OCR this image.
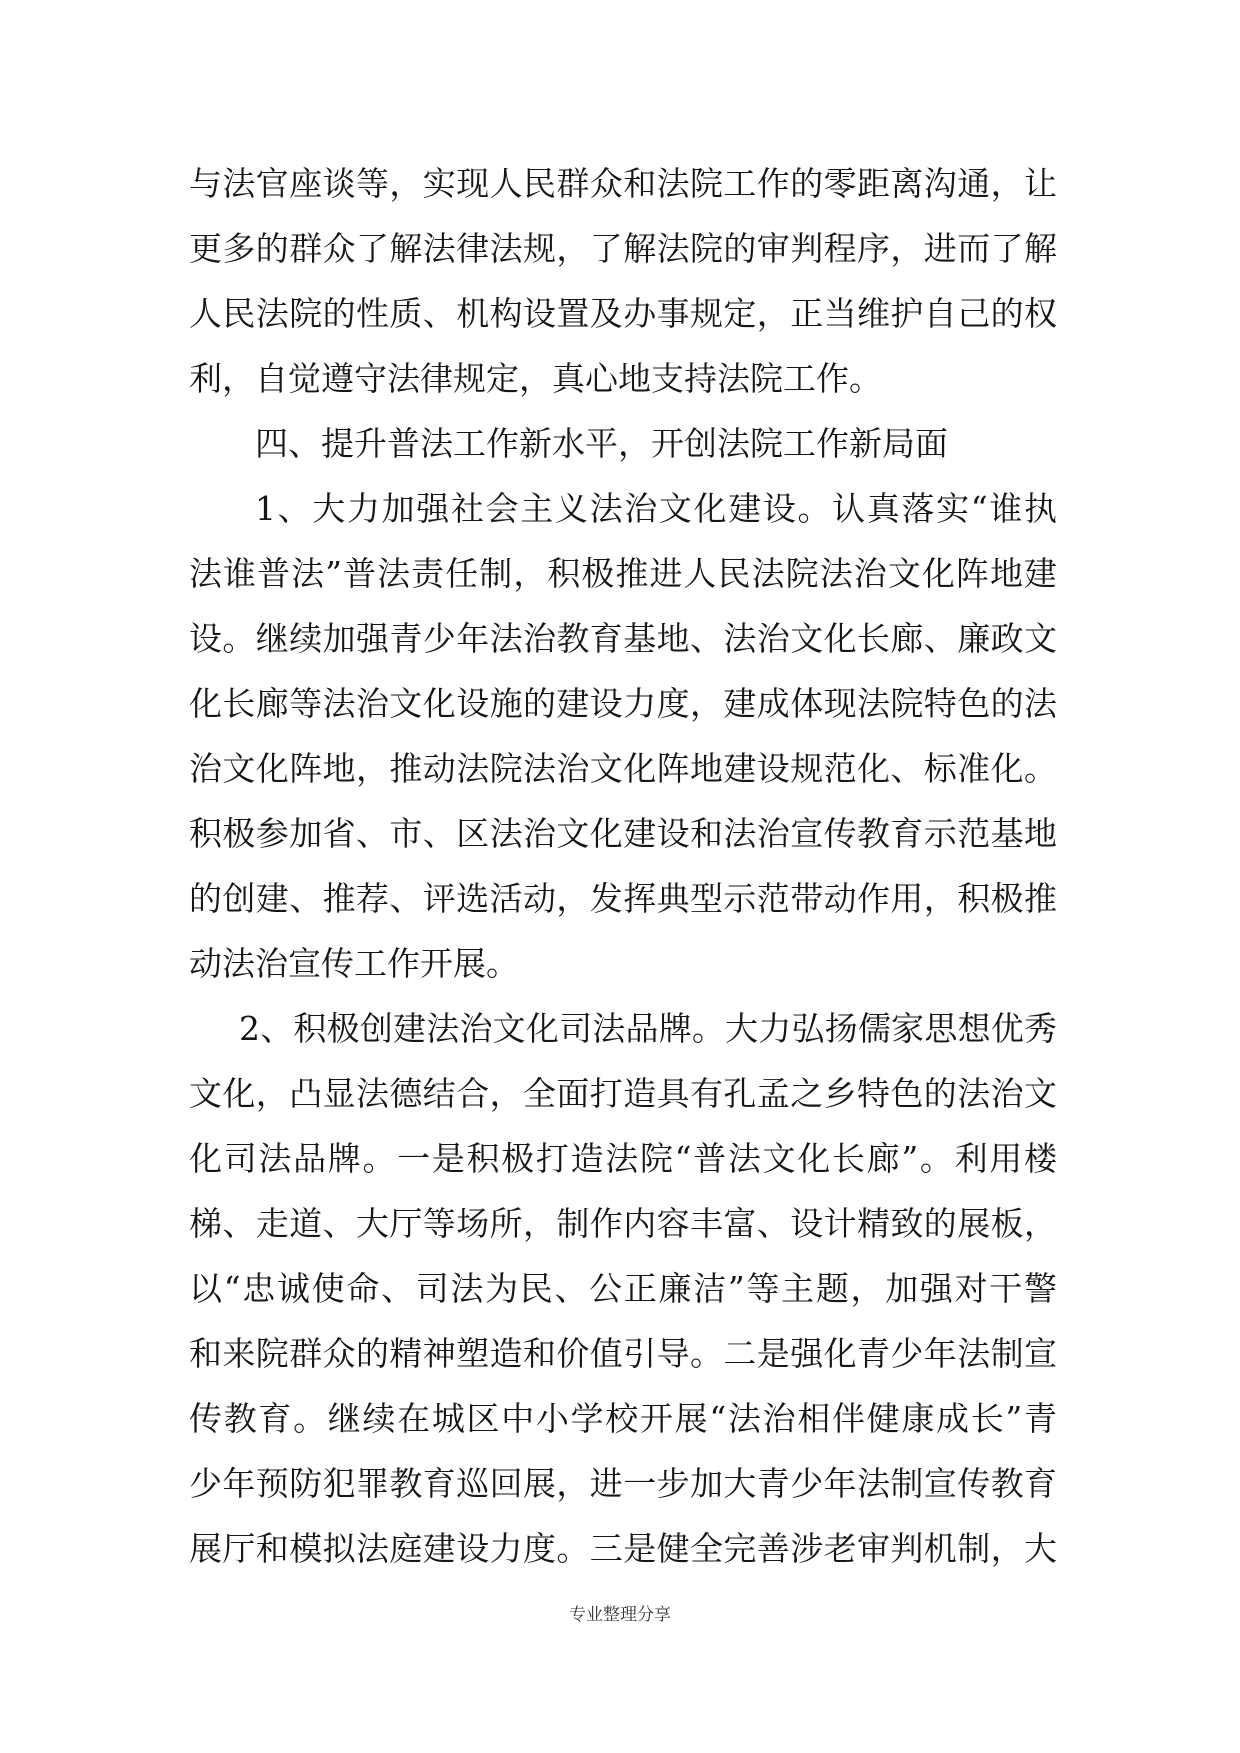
与法官座谈等，实现人民群众和法院工作的零距离沟通，让
更多的群众了解法律法规，了解法院的审判程序，进而了解
人民法院的性质、机构设置及办事规定，正当维护自己的权
利，自觉遵守法律规定，真心地支持法院工作。
四、提升普法工作新水平，开创法院工作新局面
1、大力加强社会主义法治文化建设。认真落实“谁执
法谁普法”普法责任制，积极推进人民法院法治文化阵地建
设。继续加强青少年法治教育基地、法治文化长廊、廉政文
化长廊等法治文化设施的建设力度，建成体现法院特色的法
治文化阵地，推动法院法治文化阵地建设规范化、标准化。
积极参加省、市、区法治文化建设和法治宣传教育示范基地
的创建、推荐、评选活动，发挥典型示范带动作用，积极推
动法治宣传工作开展。
2、积极创建法治文化司法品牌。大力弘扬儒家思想优秀
文化，凸显法德结合，全面打造具有孔孟之乡特色的法治文
化司法品牌。一是积极打造法院“普法文化长廊”。利用楼
梯、走道、大厅等场所，制作内容丰富、设计精致的展板，
以“忠诚使命、司法为民、公正廉洁”等主题，加强对干警
和来院群众的精神塑造和价值引导。二是强化青少年法制宣
传教育。继续在城区中小学校开展“法治相伴健康成长”青
少年预防犯罪教育巡回展，进一步加大青少年法制宣传教育
展厅和模拟法庭建设力度。三是健全完善涉老审判机制，大
专业整理分享
